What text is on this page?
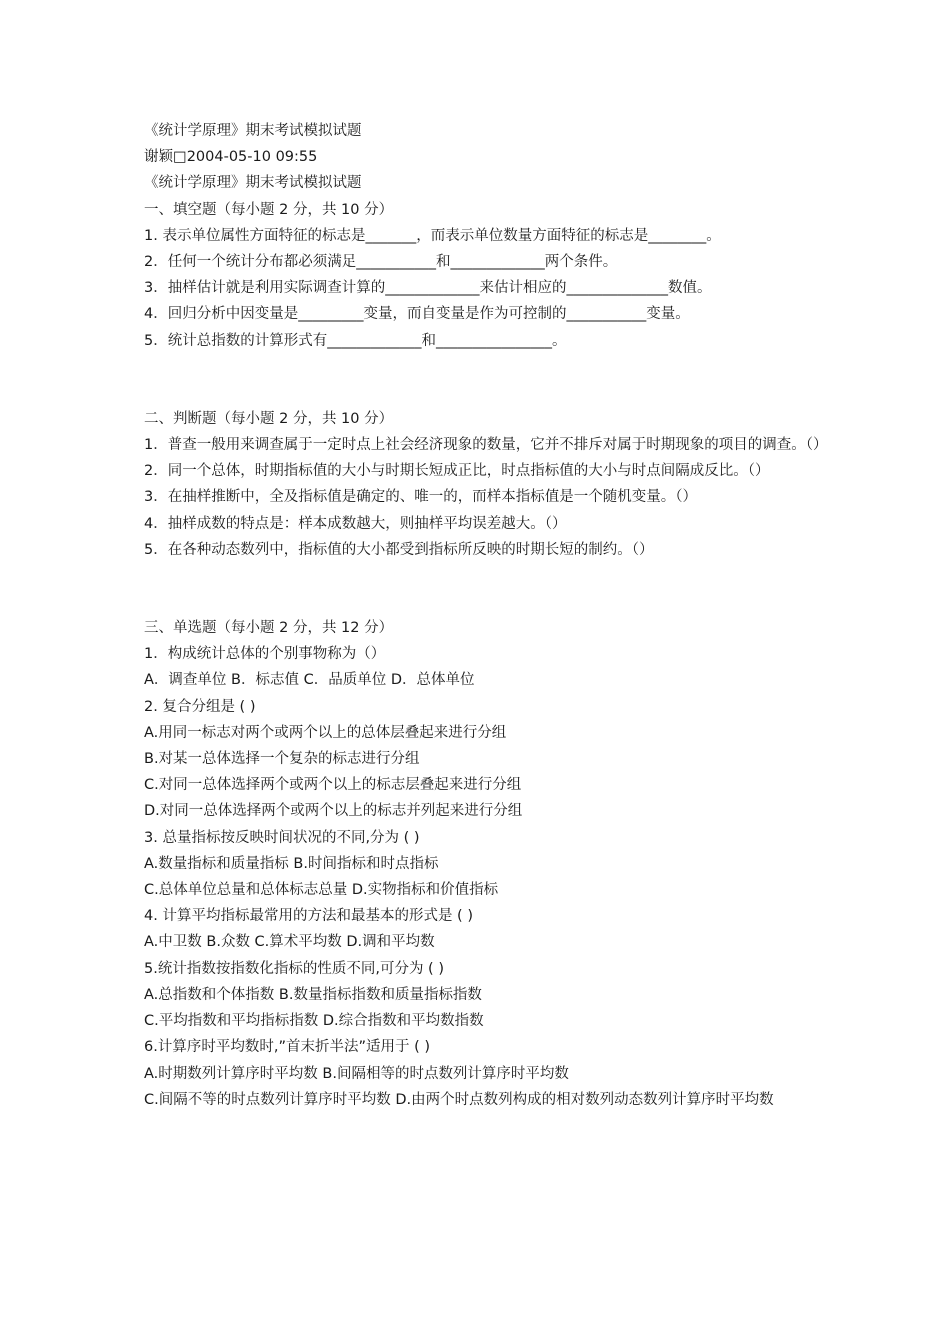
《统计学原理》期末考试模拟试题

谢颖□2004-05-10 09:55

《统计学原理》期末考试模拟试题

一、填空题（每小题 2 分，共 10 分）

1. 表示单位属性方面特征的标志是_______，而表示单位数量方面特征的标志是________。

2．任何一个统计分布都必须满足___________和_____________两个条件。

3．抽样估计就是利用实际调查计算的_____________来估计相应的______________数值。

4．回归分析中因变量是_________变量，而自变量是作为可控制的___________变量。

5．统计总指数的计算形式有_____________和________________。

二、判断题（每小题 2 分，共 10 分）

1．普查一般用来调查属于一定时点上社会经济现象的数量，它并不排斥对属于时期现象的项目的调查。（）

2．同一个总体，时期指标值的大小与时期长短成正比，时点指标值的大小与时点间隔成反比。（）

3．在抽样推断中，全及指标值是确定的、唯一的，而样本指标值是一个随机变量。（）

4．抽样成数的特点是：样本成数越大，则抽样平均误差越大。（）

5．在各种动态数列中，指标值的大小都受到指标所反映的时期长短的制约。（）

三、单选题（每小题 2 分，共 12 分）

1．构成统计总体的个别事物称为（）

A．调查单位 B．标志值 C．品质单位 D．总体单位

2. 复合分组是 ( )

A.用同一标志对两个或两个以上的总体层叠起来进行分组

B.对某一总体选择一个复杂的标志进行分组

C.对同一总体选择两个或两个以上的标志层叠起来进行分组

D.对同一总体选择两个或两个以上的标志并列起来进行分组

3. 总量指标按反映时间状况的不同,分为 ( )

A.数量指标和质量指标 B.时间指标和时点指标

C.总体单位总量和总体标志总量 D.实物指标和价值指标

4. 计算平均指标最常用的方法和最基本的形式是 ( )

A.中卫数 B.众数 C.算术平均数 D.调和平均数

5.统计指数按指数化指标的性质不同,可分为 ( )

A.总指数和个体指数 B.数量指标指数和质量指标指数

C.平均指数和平均指标指数 D.综合指数和平均数指数

6.计算序时平均数时,”首末折半法”适用于 ( )

A.时期数列计算序时平均数 B.间隔相等的时点数列计算序时平均数

C.间隔不等的时点数列计算序时平均数 D.由两个时点数列构成的相对数列动态数列计算序时平均数
